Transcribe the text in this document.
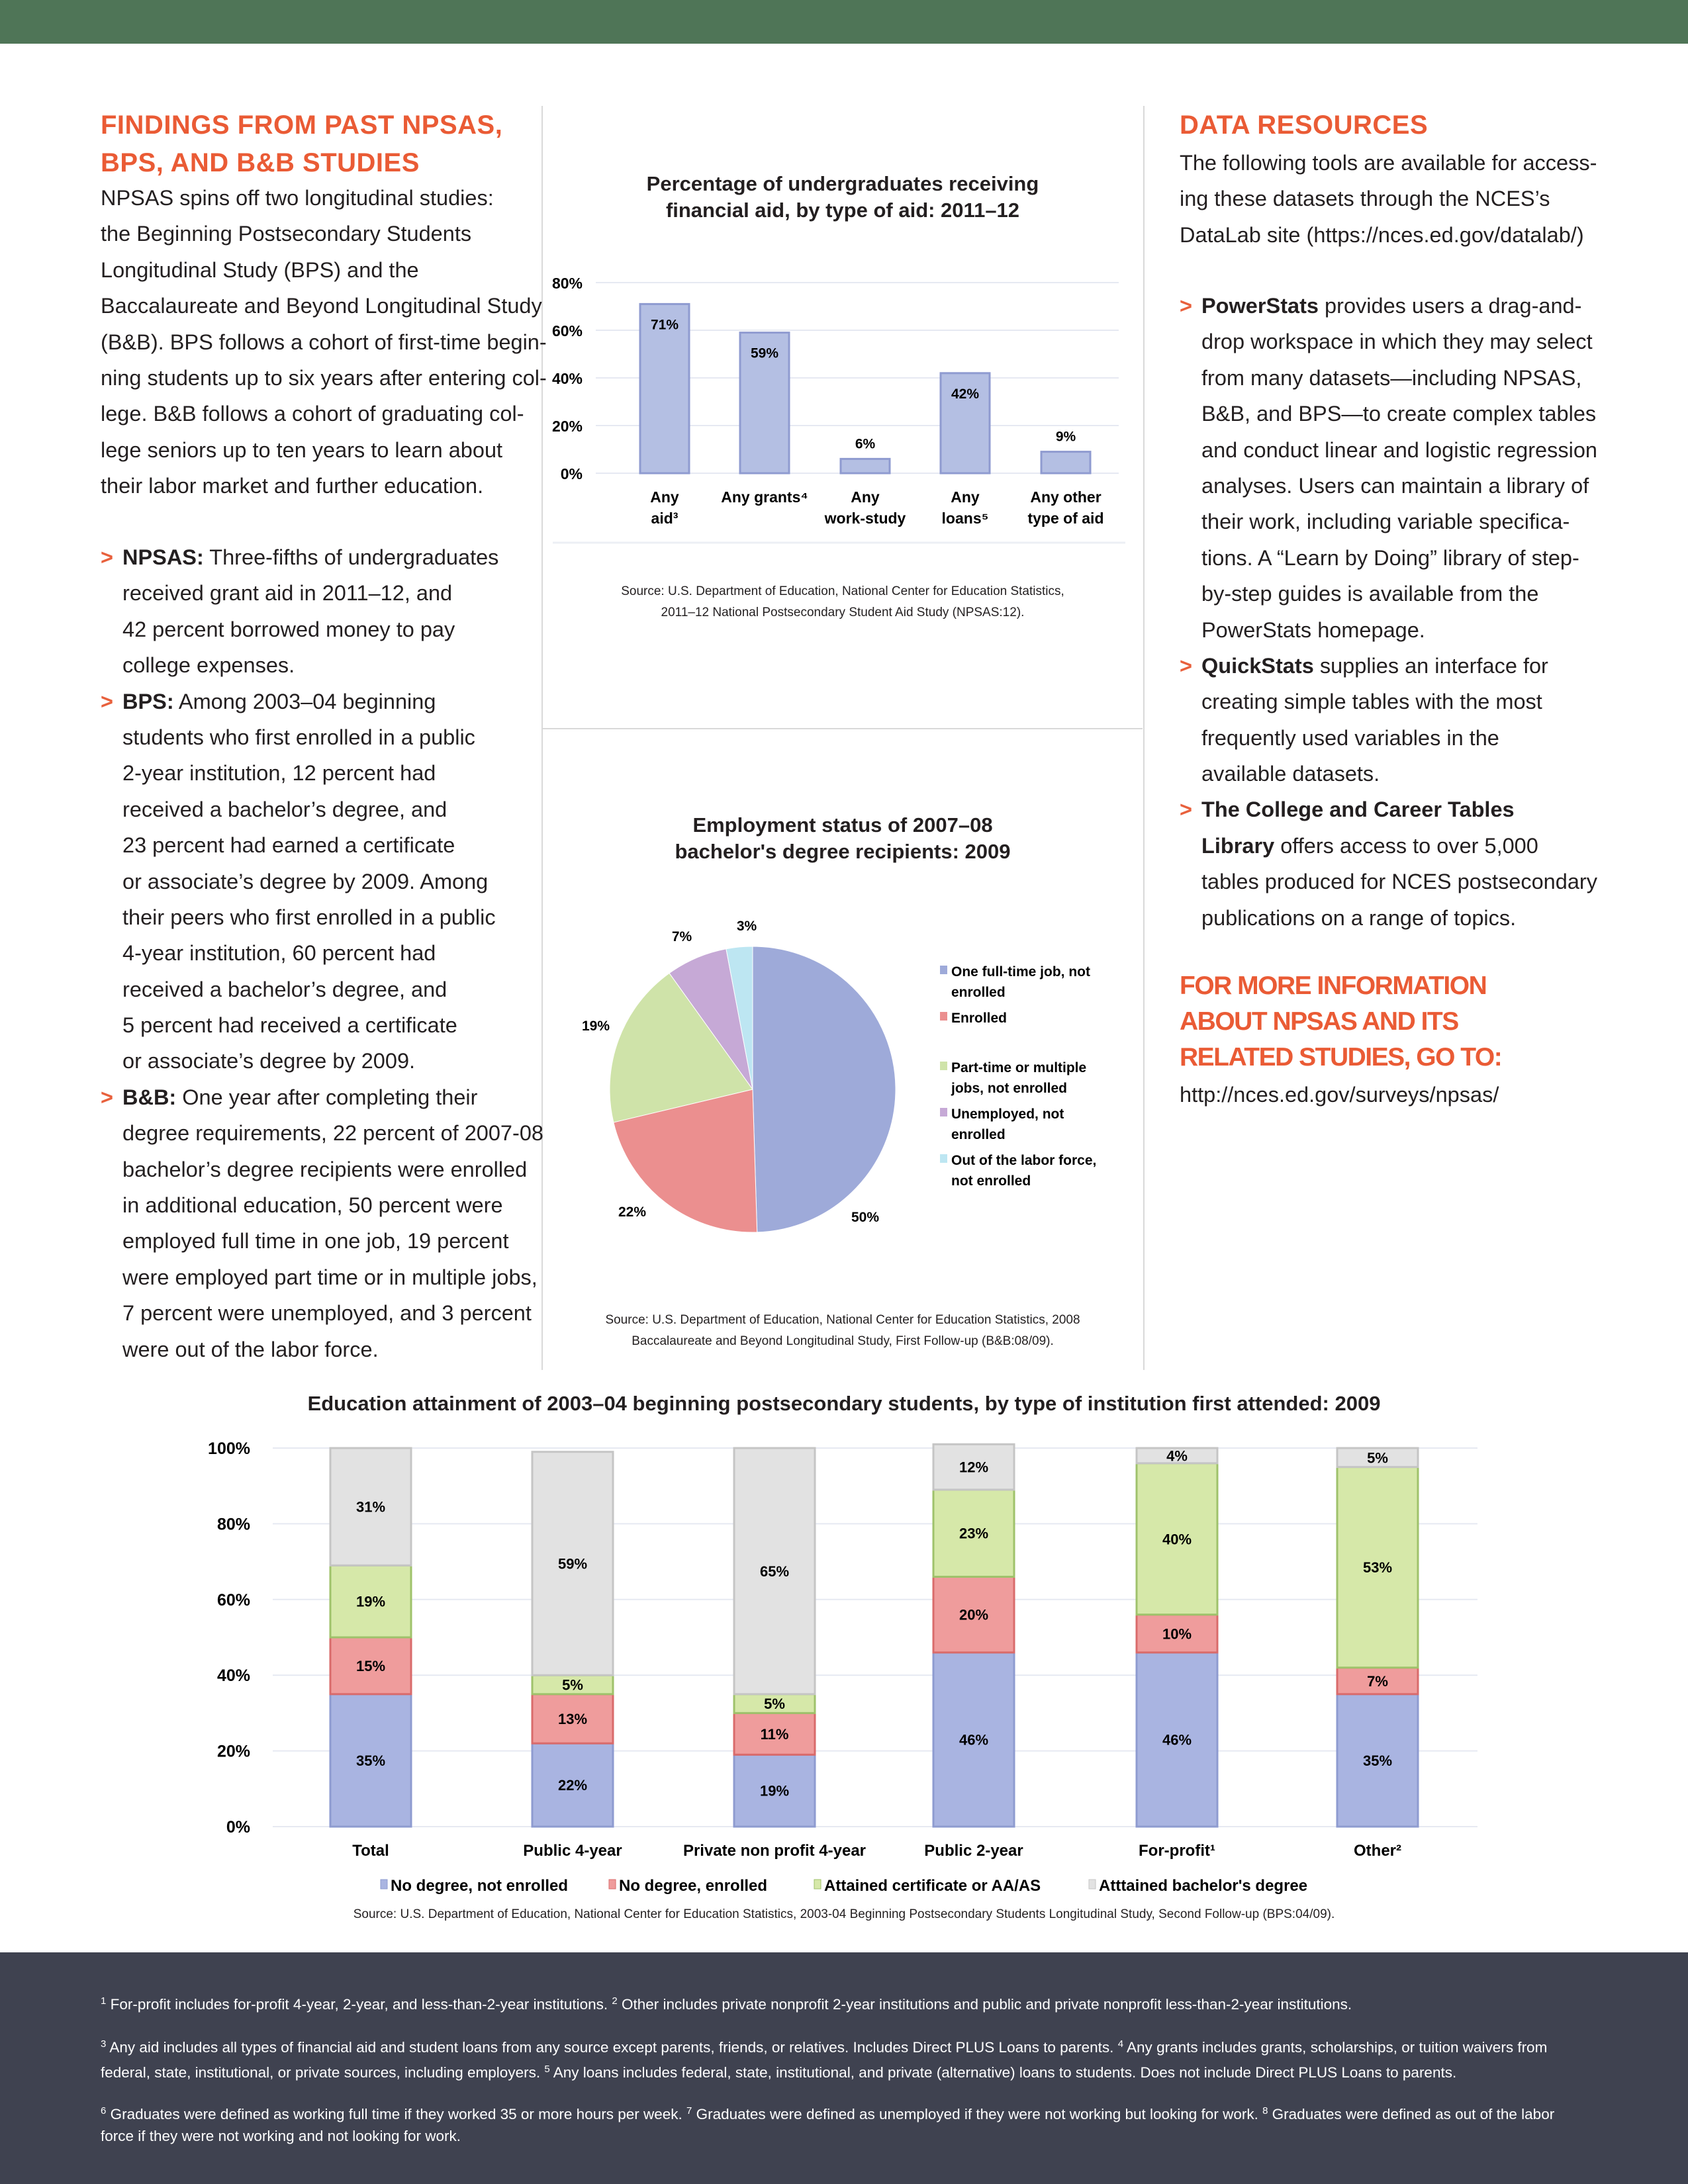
FINDINGS FROM PAST NPSAS,
BPS, AND B&B STUDIES
NPSAS spins off two longitudinal studies:
the Beginning Postsecondary Students
Longitudinal Study (BPS) and the
Baccalaureate and Beyond Longitudinal Study
(B&B). BPS follows a cohort of first-time begin-
ning students up to six years after entering col-
lege. B&B follows a cohort of graduating col-
lege seniors up to ten years to learn about
their labor market and further education.
> NPSAS: Three-fifths of undergraduates
received grant aid in 2011–12, and
42 percent borrowed money to pay
college expenses.
> BPS: Among 2003–04 beginning
students who first enrolled in a public
2-year institution, 12 percent had
received a bachelor’s degree, and
23 percent had earned a certificate
or associate’s degree by 2009. Among
their peers who first enrolled in a public
4-year institution, 60 percent had
received a bachelor’s degree, and
5 percent had received a certificate
or associate’s degree by 2009.
> B&B: One year after completing their
degree requirements, 22 percent of 2007-08
bachelor’s degree recipients were enrolled
in additional education, 50 percent were
employed full time in one job, 19 percent
were employed part time or in multiple jobs,
7 percent were unemployed, and 3 percent
were out of the labor force.
DATA RESOURCES
The following tools are available for access-
ing these datasets through the NCES’s
DataLab site (https://nces.ed.gov/datalab/)
> PowerStats provides users a drag-and-
drop workspace in which they may select
from many datasets—including NPSAS,
B&B, and BPS—to create complex tables
and conduct linear and logistic regression
analyses. Users can maintain a library of
their work, including variable specifica-
tions. A “Learn by Doing” library of step-
by-step guides is available from the
PowerStats homepage.
> QuickStats supplies an interface for
creating simple tables with the most
frequently used variables in the
available datasets.
> The College and Career Tables
Library offers access to over 5,000
tables produced for NCES postsecondary
publications on a range of topics.
FOR MORE INFORMATION
ABOUT NPSAS AND ITS
RELATED STUDIES, GO TO:
http://nces.ed.gov/surveys/npsas/
Percentage of undergraduates receiving
financial aid, by type of aid: 2011–12
Source: U.S. Department of Education, National Center for Education Statistics,
2011–12 National Postsecondary Student Aid Study (NPSAS:12).
Employment status of 2007–08
bachelor's degree recipients: 2009
Source: U.S. Department of Education, National Center for Education Statistics, 2008
Baccalaureate and Beyond Longitudinal Study, First Follow-up (B&B:08/09).
Education attainment of 2003–04 beginning postsecondary students, by type of institution first attended: 2009
Source: U.S. Department of Education, National Center for Education Statistics, 2003-04 Beginning Postsecondary Students Longitudinal Study, Second Follow-up (BPS:04/09).
0%
20%
40%
60%
80%
71%
Any
aid³
59%
Any grants⁴
6%
Any
work-study
42%
Any
loans⁵
9%
Any other
type of aid
50%
22%
19%
7%
3%
One full-time job, not
enrolled
Enrolled
Part-time or multiple
jobs, not enrolled
Unemployed, not
enrolled
Out of the labor force,
not enrolled
0%
20%
40%
60%
80%
100%
35%
15%
19%
31%
Total
22%
13%
5%
59%
Public 4-year
19%
11%
5%
65%
Private non profit 4-year
46%
20%
23%
12%
Public 2-year
46%
10%
40%
4%
For-profit¹
35%
7%
53%
5%
Other²
No degree, not enrolled	No degree, enrolled	Attained certificate or AA/AS	Atttained bachelor's degree
$^1$ For-profit includes for-profit 4-year, 2-year, and less-than-2-year institutions. $^2$ Other includes private nonprofit 2-year institutions and public and private nonprofit less-than-2-year institutions.
$^3$ Any aid includes all types of financial aid and student loans from any source except parents, friends, or relatives. Includes Direct PLUS Loans to parents. $^4$ Any grants includes grants, scholarships, or tuition waivers from federal, state, institutional, or private sources, including employers. $^5$ Any loans includes federal, state, institutional, and private (alternative) loans to students. Does not include Direct PLUS Loans to parents.
$^6$ Graduates were defined as working full time if they worked 35 or more hours per week. $^7$ Graduates were defined as unemployed if they were not working but looking for work. $^8$ Graduates were defined as out of the labor force if they were not working and not looking for work.
